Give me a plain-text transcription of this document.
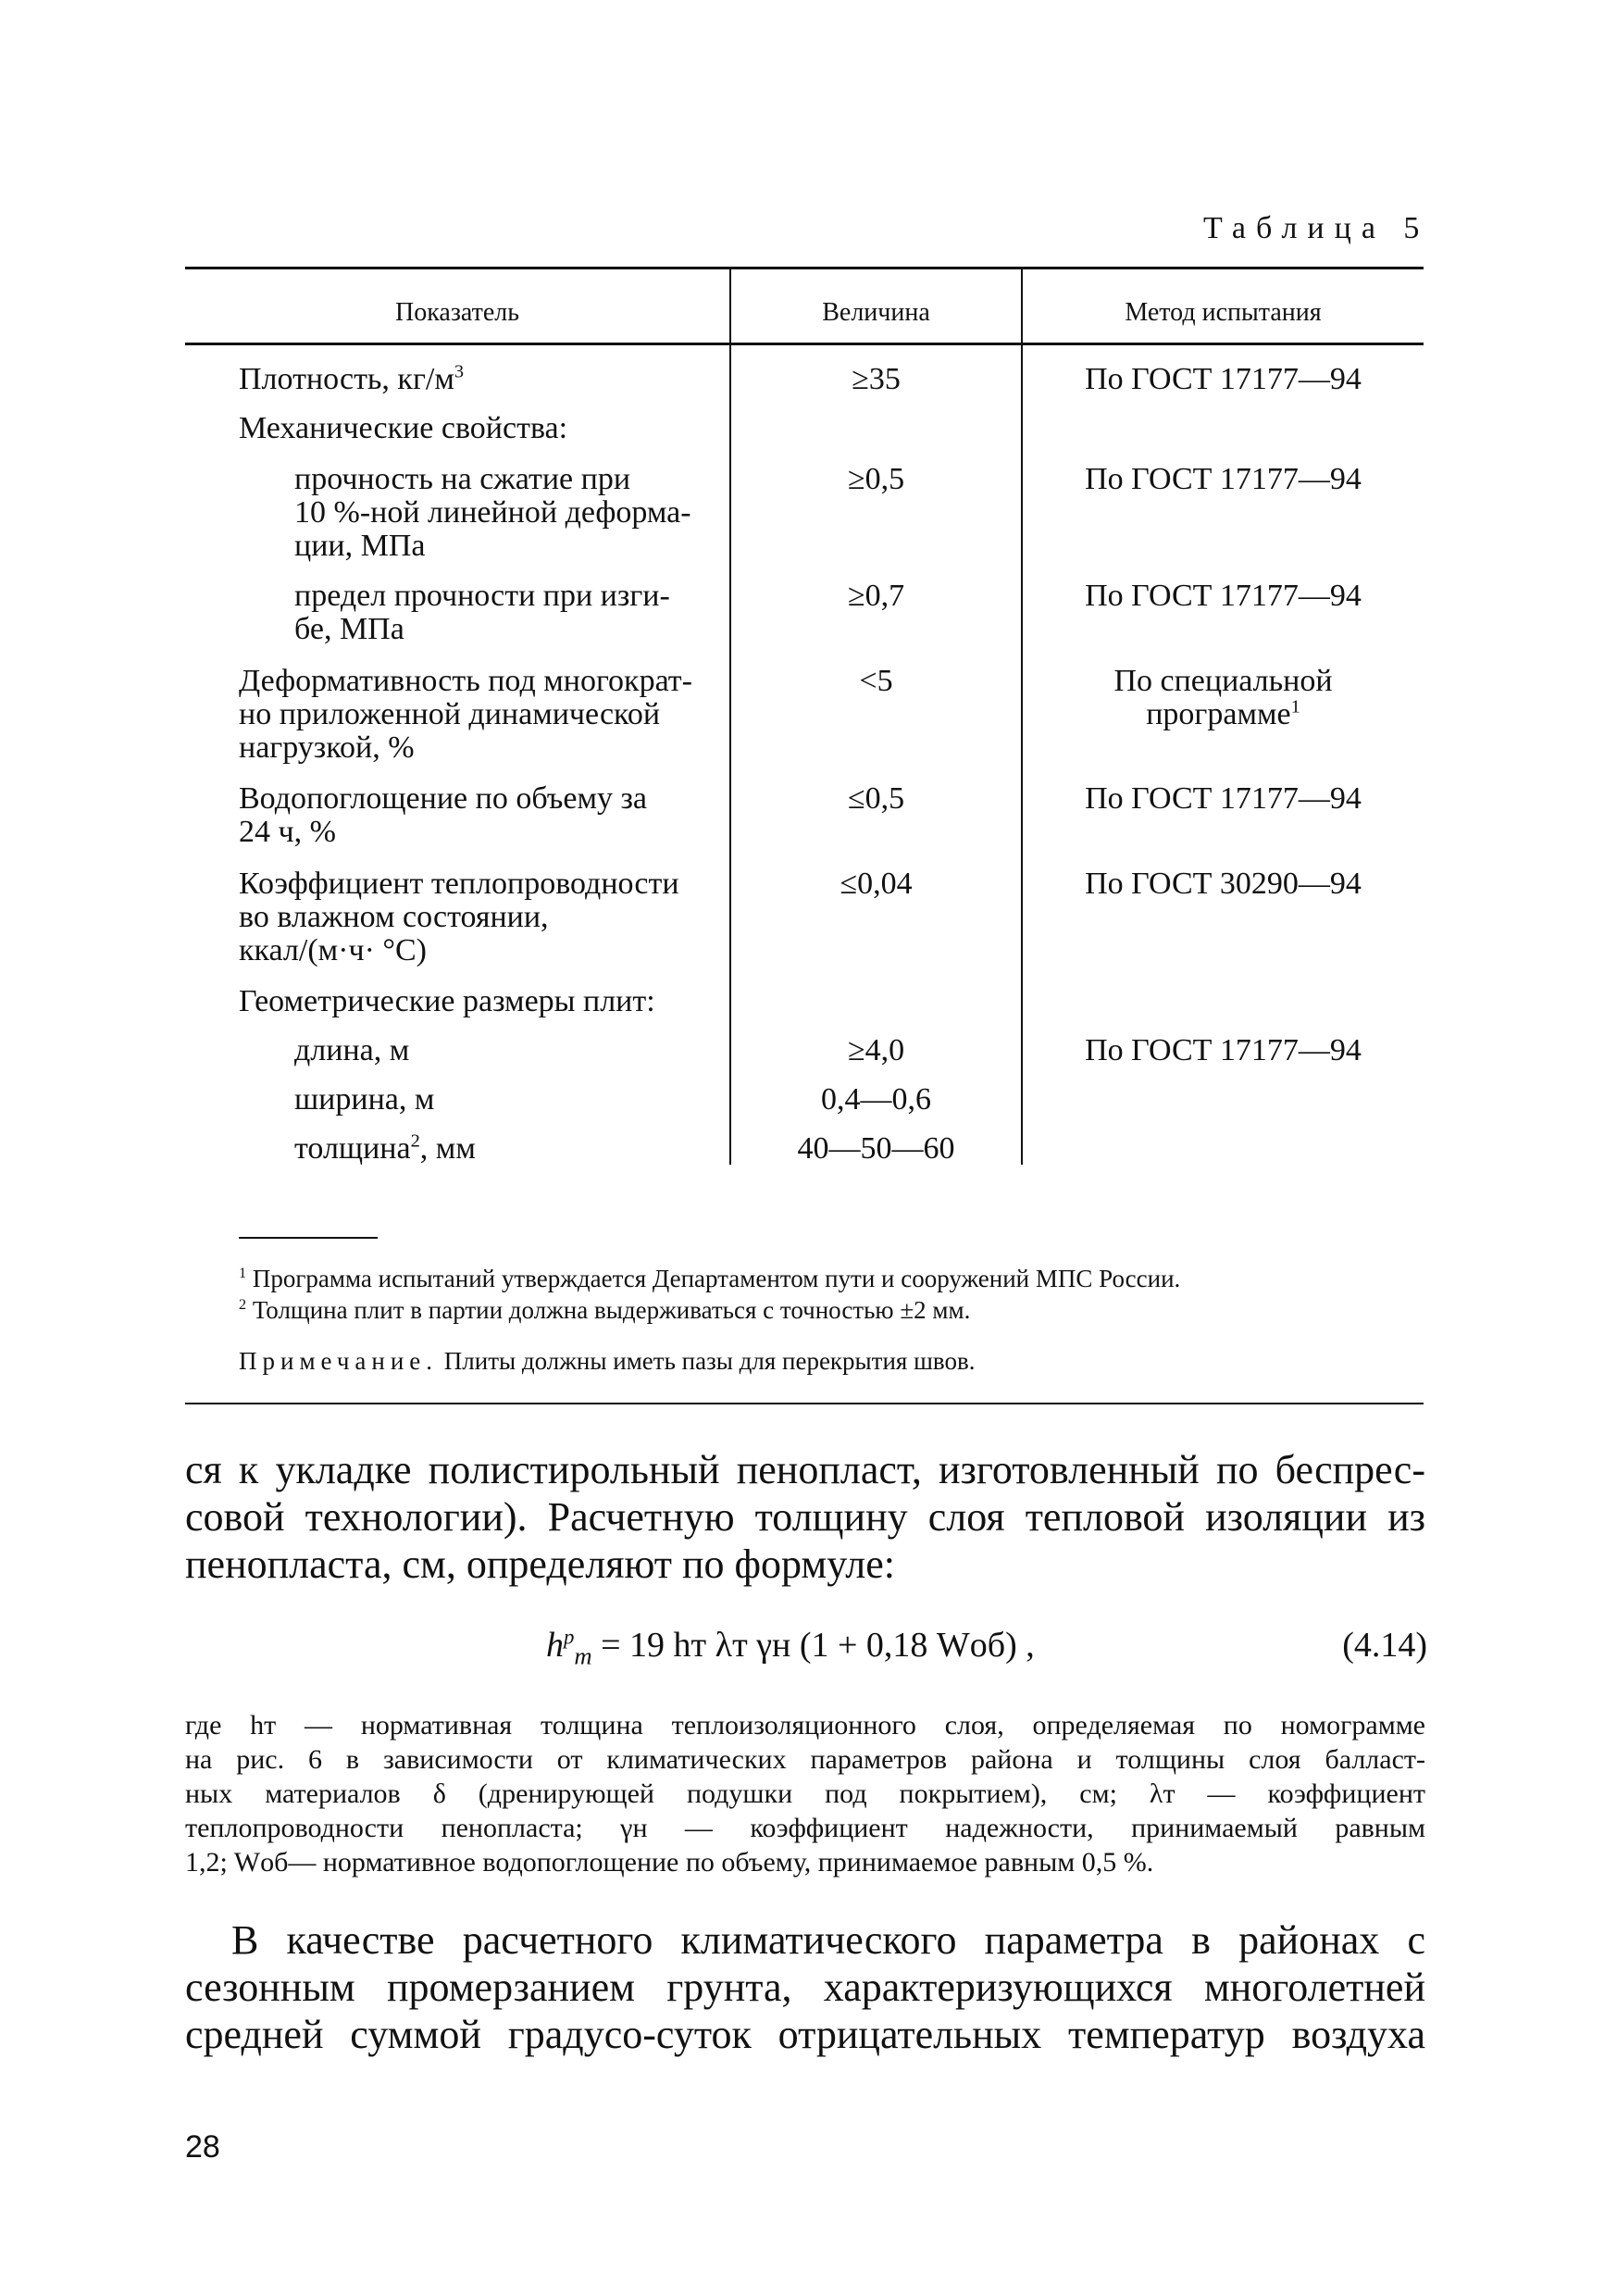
Таблица 5
Показатель	Величина	Метод испытания
Плотность, $кг/м^3$	≥35	По ГОСТ 17177—94
Механические свойства:
прочность на сжатие при
10 %-ной линейной деформа-
ции, МПа
≥0,5	По ГОСТ 17177—94
предел прочности при изги-
бе, МПа
≥0,7	По ГОСТ 17177—94
Деформативность под многократ-
но приложенной динамической
нагрузкой, %
<5	По специальной
программе$^1$
Водопоглощение по объему за
24 ч, %
≤0,5	По ГОСТ 17177—94
Коэффициент теплопроводности
во влажном состоянии,
ккал/(м·ч· °С)
≤0,04	По ГОСТ 30290—94
Геометрические размеры плит:
длина, м	≥4,0	По ГОСТ 17177—94
ширина, м	0,4—0,6
толщина$^2$, мм	40—50—60
$^1$ Программа испытаний утверждается Департаментом пути и сооружений МПС России.
$^2$ Толщина плит в партии должна выдерживаться с точностью ±2 мм.
Примечание. Плиты должны иметь пазы для перекрытия швов.
ся к укладке полистирольный пенопласт, изготовленный по беспрес-
совой технологии). Расчетную толщину слоя тепловой изоляции из
пенопласта, см, определяют по формуле:
$h^р_т = 19$ hт λт γн (1 + 0,18 Wоб) ,	(4.14)
где hт — нормативная толщина теплоизоляционного слоя, определяемая по номограмме
на рис. 6 в зависимости от климатических параметров района и толщины слоя балласт-
ных материалов δ (дренирующей подушки под покрытием), см; λт — коэффициент
теплопроводности пенопласта; γн — коэффициент надежности, принимаемый равным
1,2; Wоб— нормативное водопоглощение по объему, принимаемое равным 0,5 %.
В качестве расчетного климатического параметра в районах с
сезонным промерзанием грунта, характеризующихся многолетней
средней суммой градусо-суток отрицательных температур воздуха
28
